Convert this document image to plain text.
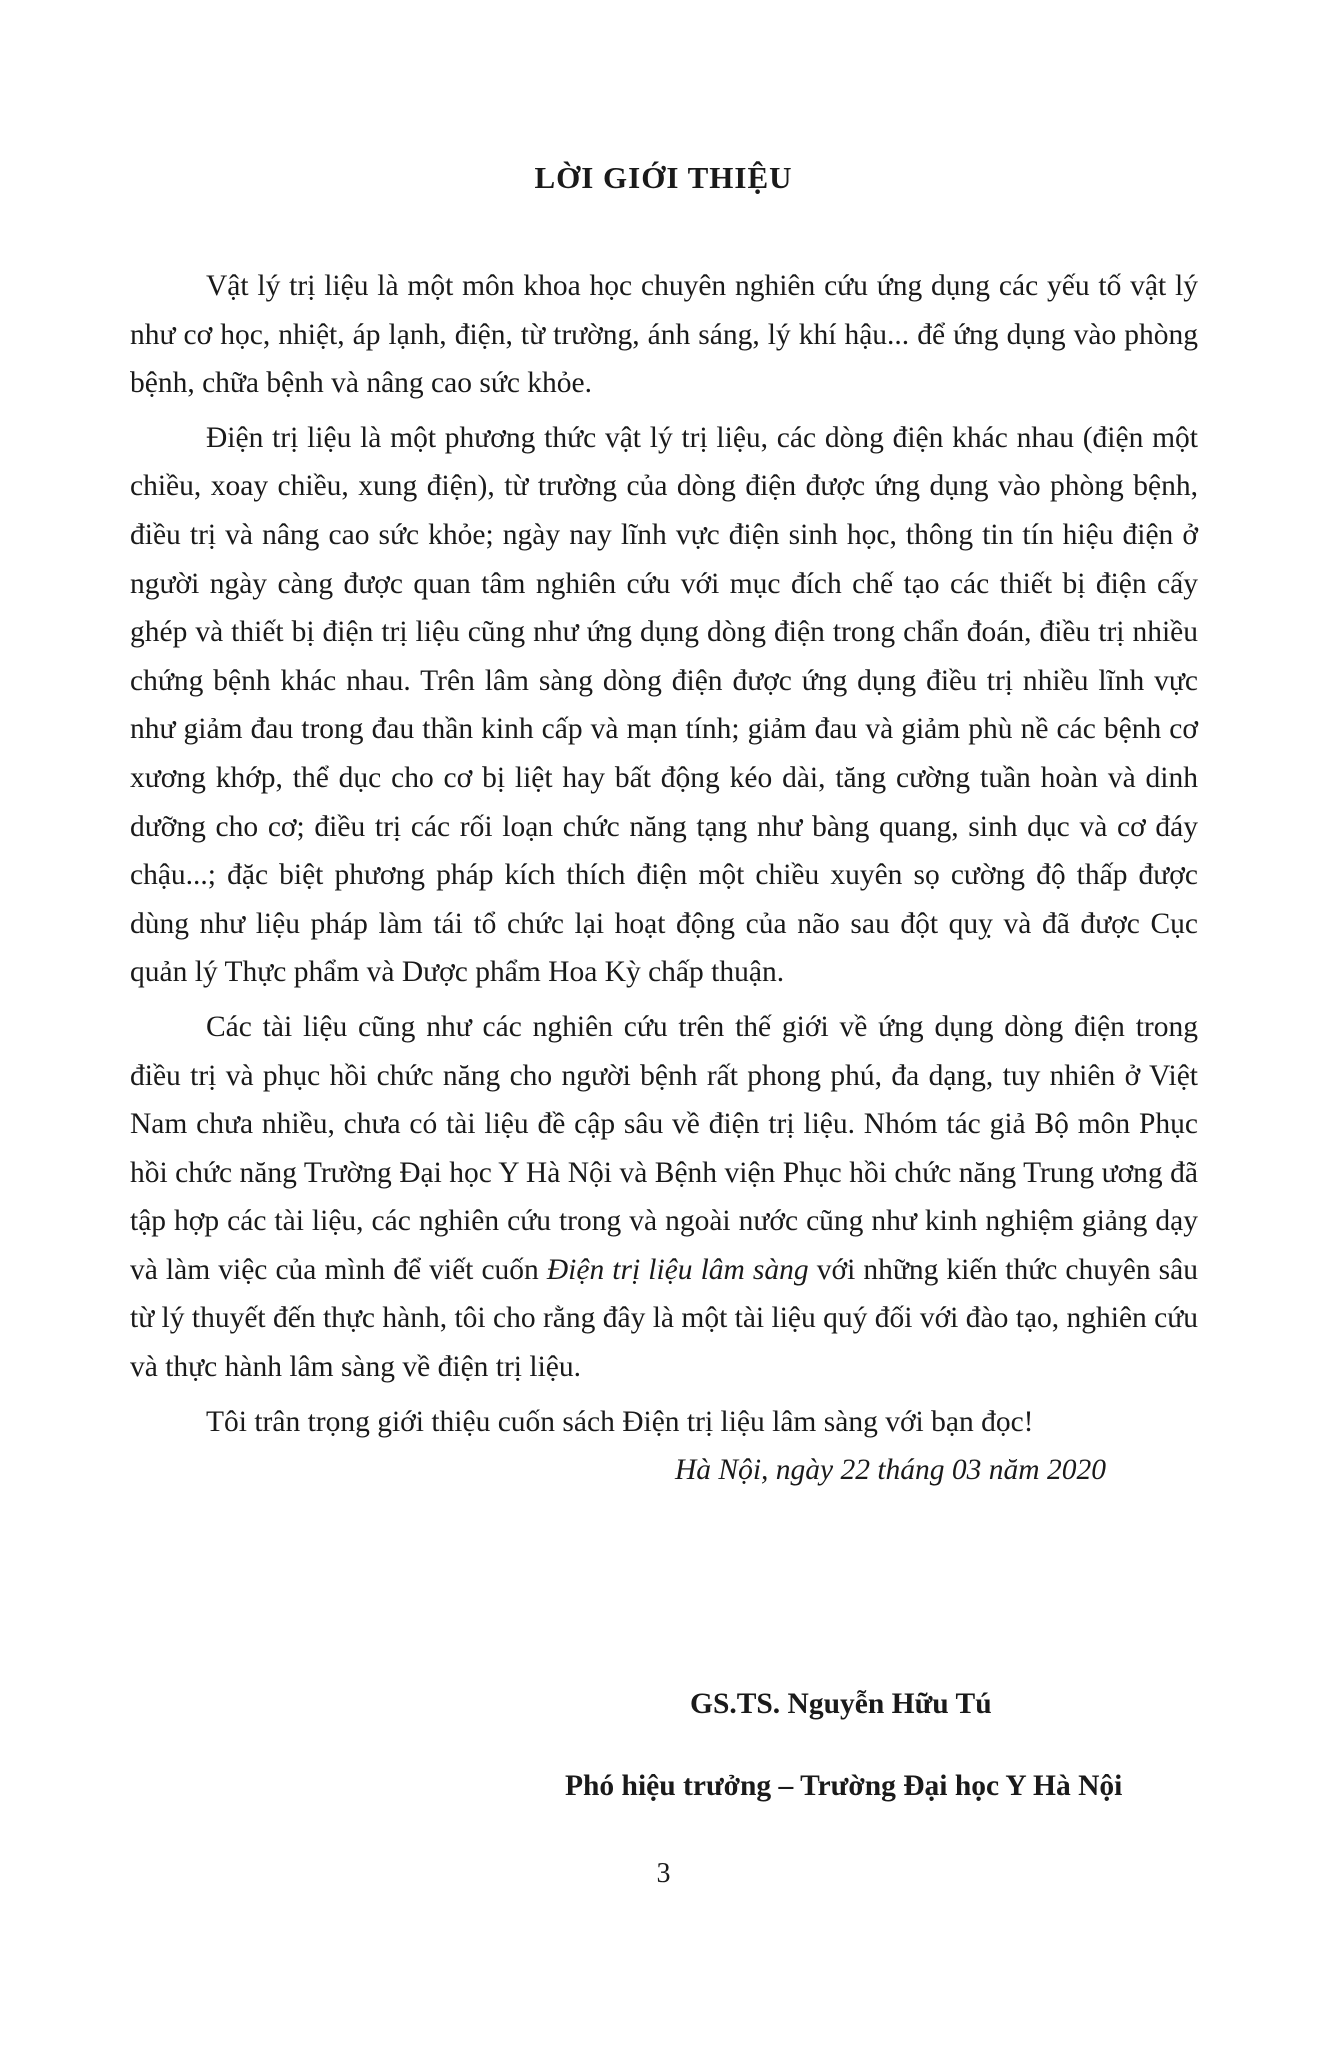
LỜI GIỚI THIỆU

Vật lý trị liệu là một môn khoa học chuyên nghiên cứu ứng dụng các yếu tố vật lý như cơ học, nhiệt, áp lạnh, điện, từ trường, ánh sáng, lý khí hậu... để ứng dụng vào phòng bệnh, chữa bệnh và nâng cao sức khỏe.

Điện trị liệu là một phương thức vật lý trị liệu, các dòng điện khác nhau (điện một chiều, xoay chiều, xung điện), từ trường của dòng điện được ứng dụng vào phòng bệnh, điều trị và nâng cao sức khỏe; ngày nay lĩnh vực điện sinh học, thông tin tín hiệu điện ở người ngày càng được quan tâm nghiên cứu với mục đích chế tạo các thiết bị điện cấy ghép và thiết bị điện trị liệu cũng như ứng dụng dòng điện trong chẩn đoán, điều trị nhiều chứng bệnh khác nhau. Trên lâm sàng dòng điện được ứng dụng điều trị nhiều lĩnh vực như giảm đau trong đau thần kinh cấp và mạn tính; giảm đau và giảm phù nề các bệnh cơ xương khớp, thể dục cho cơ bị liệt hay bất động kéo dài, tăng cường tuần hoàn và dinh dưỡng cho cơ; điều trị các rối loạn chức năng tạng như bàng quang, sinh dục và cơ đáy chậu...; đặc biệt phương pháp kích thích điện một chiều xuyên sọ cường độ thấp được dùng như liệu pháp làm tái tổ chức lại hoạt động của não sau đột quỵ và đã được Cục quản lý Thực phẩm và Dược phẩm Hoa Kỳ chấp thuận.

Các tài liệu cũng như các nghiên cứu trên thế giới về ứng dụng dòng điện trong điều trị và phục hồi chức năng cho người bệnh rất phong phú, đa dạng, tuy nhiên ở Việt Nam chưa nhiều, chưa có tài liệu đề cập sâu về điện trị liệu. Nhóm tác giả Bộ môn Phục hồi chức năng Trường Đại học Y Hà Nội và Bệnh viện Phục hồi chức năng Trung ương đã tập hợp các tài liệu, các nghiên cứu trong và ngoài nước cũng như kinh nghiệm giảng dạy và làm việc của mình để viết cuốn Điện trị liệu lâm sàng với những kiến thức chuyên sâu từ lý thuyết đến thực hành, tôi cho rằng đây là một tài liệu quý đối với đào tạo, nghiên cứu và thực hành lâm sàng về điện trị liệu.

Tôi trân trọng giới thiệu cuốn sách Điện trị liệu lâm sàng với bạn đọc!

Hà Nội, ngày 22 tháng 03 năm 2020

GS.TS. Nguyễn Hữu Tú
Phó hiệu trưởng – Trường Đại học Y Hà Nội
3
